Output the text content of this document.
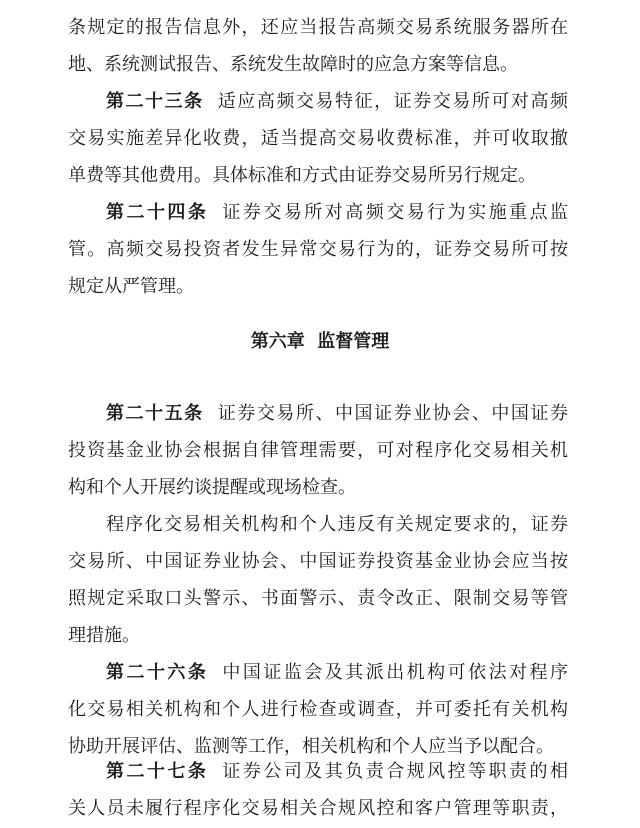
条规定的报告信息外，还应当报告高频交易系统服务器所在
地、系统测试报告、系统发生故障时的应急方案等信息。
第二十三条 适应高频交易特征，证券交易所可对高频
交易实施差异化收费，适当提高交易收费标准，并可收取撤
单费等其他费用。具体标准和方式由证券交易所另行规定。
第二十四条 证券交易所对高频交易行为实施重点监
管。高频交易投资者发生异常交易行为的，证券交易所可按
规定从严管理。
第六章 监督管理
第二十五条 证券交易所、中国证券业协会、中国证券
投资基金业协会根据自律管理需要，可对程序化交易相关机
构和个人开展约谈提醒或现场检查。
程序化交易相关机构和个人违反有关规定要求的，证券
交易所、中国证券业协会、中国证券投资基金业协会应当按
照规定采取口头警示、书面警示、责令改正、限制交易等管
理措施。
第二十六条 中国证监会及其派出机构可依法对程序
化交易相关机构和个人进行检查或调查，并可委托有关机构
协助开展评估、监测等工作，相关机构和个人应当予以配合。
第二十七条 证券公司及其负责合规风控等职责的相
关人员未履行程序化交易相关合规风控和客户管理等职责，
